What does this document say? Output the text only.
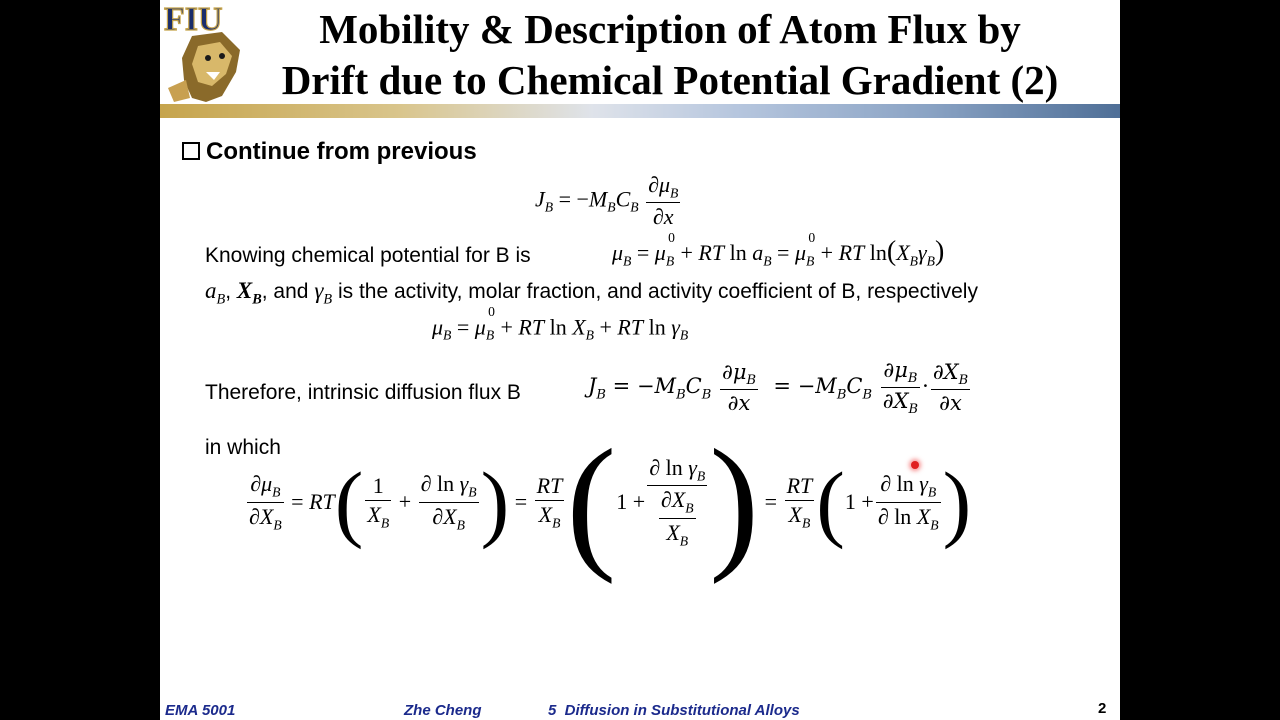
FIU	Mobility & Description of Atom Flux by
Drift due to Chemical Potential Gradient (2)
Continue from previous
$J_B = -M_BC_B \frac{\partial\mu_B}{\partial x}$
Knowing chemical potential for B is	$\mu_B = \mu_B^0$ + RT $\ln a_B = \mu_B^0$ + RT $\ln(X_B\gamma_B)$
$a_B$, $X_B$, and $\gamma_B$ is the activity, molar fraction, and activity coefficient of B, respectively
$\mu_B = \mu_B^0$ + RT $\ln X_B$ + RT $\ln \gamma_B$
Therefore, intrinsic diffusion flux B	$J_B = -M_BC_B \frac{\partial\mu_B}{\partial x} = -M_BC_B \frac{\partial\mu_B}{\partial X_B} \cdot \frac{\partial X_B}{\partial x}$
in which
$\frac{\partial\mu_B}{\partial X_B}$ = RT ( $\frac{1}{X_B} + \frac{\partial \ln \gamma_B}{\partial X_B}$ ) = $\frac{RT}{X_B}$ ( $1 + \frac{\partial \ln \gamma_B}{\frac{\partial X_B}{X_B}}$ ) = $\frac{RT}{X_B}$ ( $1 + \frac{\partial \ln \gamma_B}{\partial \ln X_B}$ )
EMA 5001	Zhe Cheng	5  Diffusion in Substitutional Alloys	2
